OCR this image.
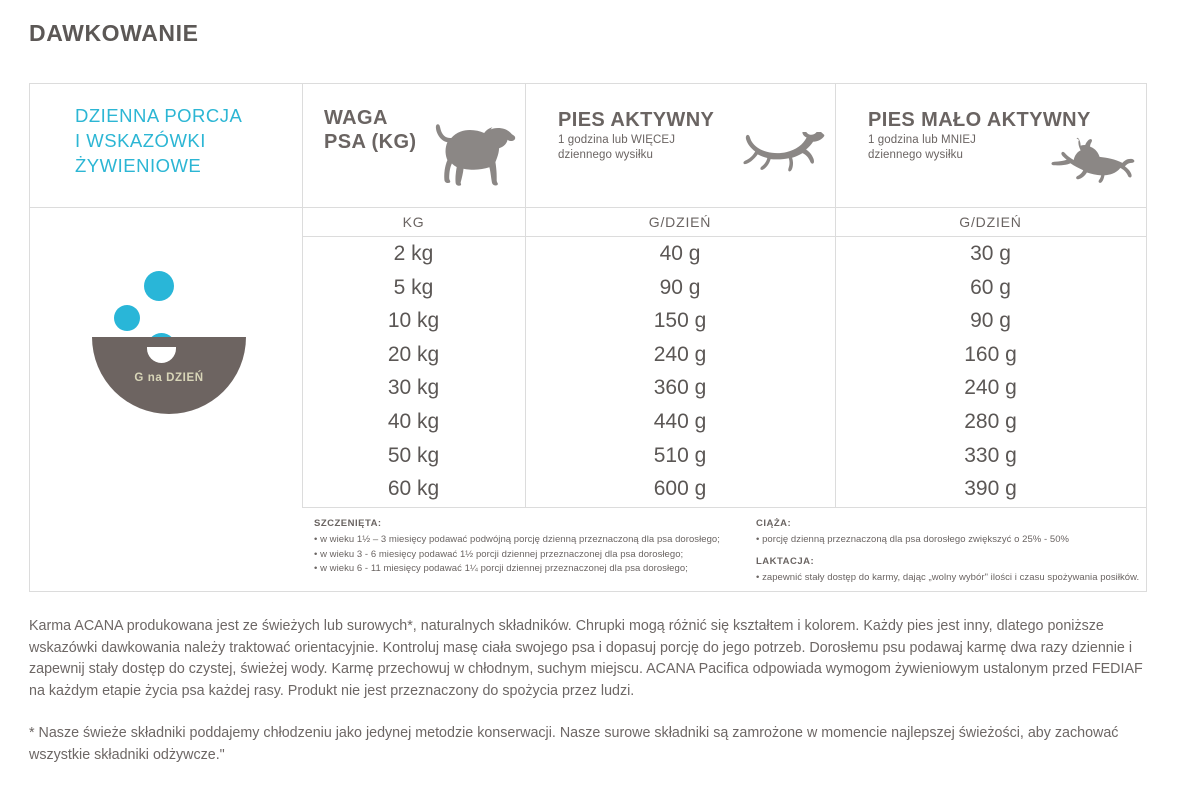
DAWKOWANIE
DZIENNA PORCJA
I WSKAZÓWKI
ŻYWIENIOWE
WAGA
PSA (KG)
PIES AKTYWNY
1 godzina lub WIĘCEJ
dziennego wysiłku
PIES MAŁO AKTYWNY
1 godzina lub MNIEJ
dziennego wysiłku
KG	G/DZIEŃ	G/DZIEŃ
2 kg
5 kg
10 kg
20 kg
30 kg
40 kg
50 kg
60 kg
40 g
90 g
150 g
240 g
360 g
440 g
510 g
600 g
30 g
60 g
90 g
160 g
240 g
280 g
330 g
390 g
G na DZIEŃ
SZCZENIĘTA:
• w wieku 1½ – 3 miesięcy podawać podwójną porcję dzienną przeznaczoną dla psa dorosłego;
• w wieku 3 - 6 miesięcy podawać 1½ porcji dziennej przeznaczonej dla psa dorosłego;
• w wieku 6 - 11 miesięcy podawać 1¼ porcji dziennej przeznaczonej dla psa dorosłego;
CIĄŻA:
• porcję dzienną przeznaczoną dla psa dorosłego zwiększyć o 25% - 50%
LAKTACJA:
• zapewnić stały dostęp do karmy, dając „wolny wybór" ilości i czasu spożywania posiłków.

Karma ACANA produkowana jest ze świeżych lub surowych*, naturalnych składników. Chrupki mogą różnić się kształtem i kolorem. Każdy pies jest inny, dlatego poniższe wskazówki dawkowania należy traktować orientacyjnie. Kontroluj masę ciała swojego psa i dopasuj porcję do jego potrzeb. Dorosłemu psu podawaj karmę dwa razy dziennie i zapewnij stały dostęp do czystej, świeżej wody. Karmę przechowuj w chłodnym, suchym miejscu. ACANA Pacifica odpowiada wymogom żywieniowym ustalonym przed FEDIAF na każdym etapie życia psa każdej rasy. Produkt nie jest przeznaczony do spożycia przez ludzi.

* Nasze świeże składniki poddajemy chłodzeniu jako jedynej metodzie konserwacji. Nasze surowe składniki są zamrożone w momencie najlepszej świeżości, aby zachować wszystkie składniki odżywcze."
